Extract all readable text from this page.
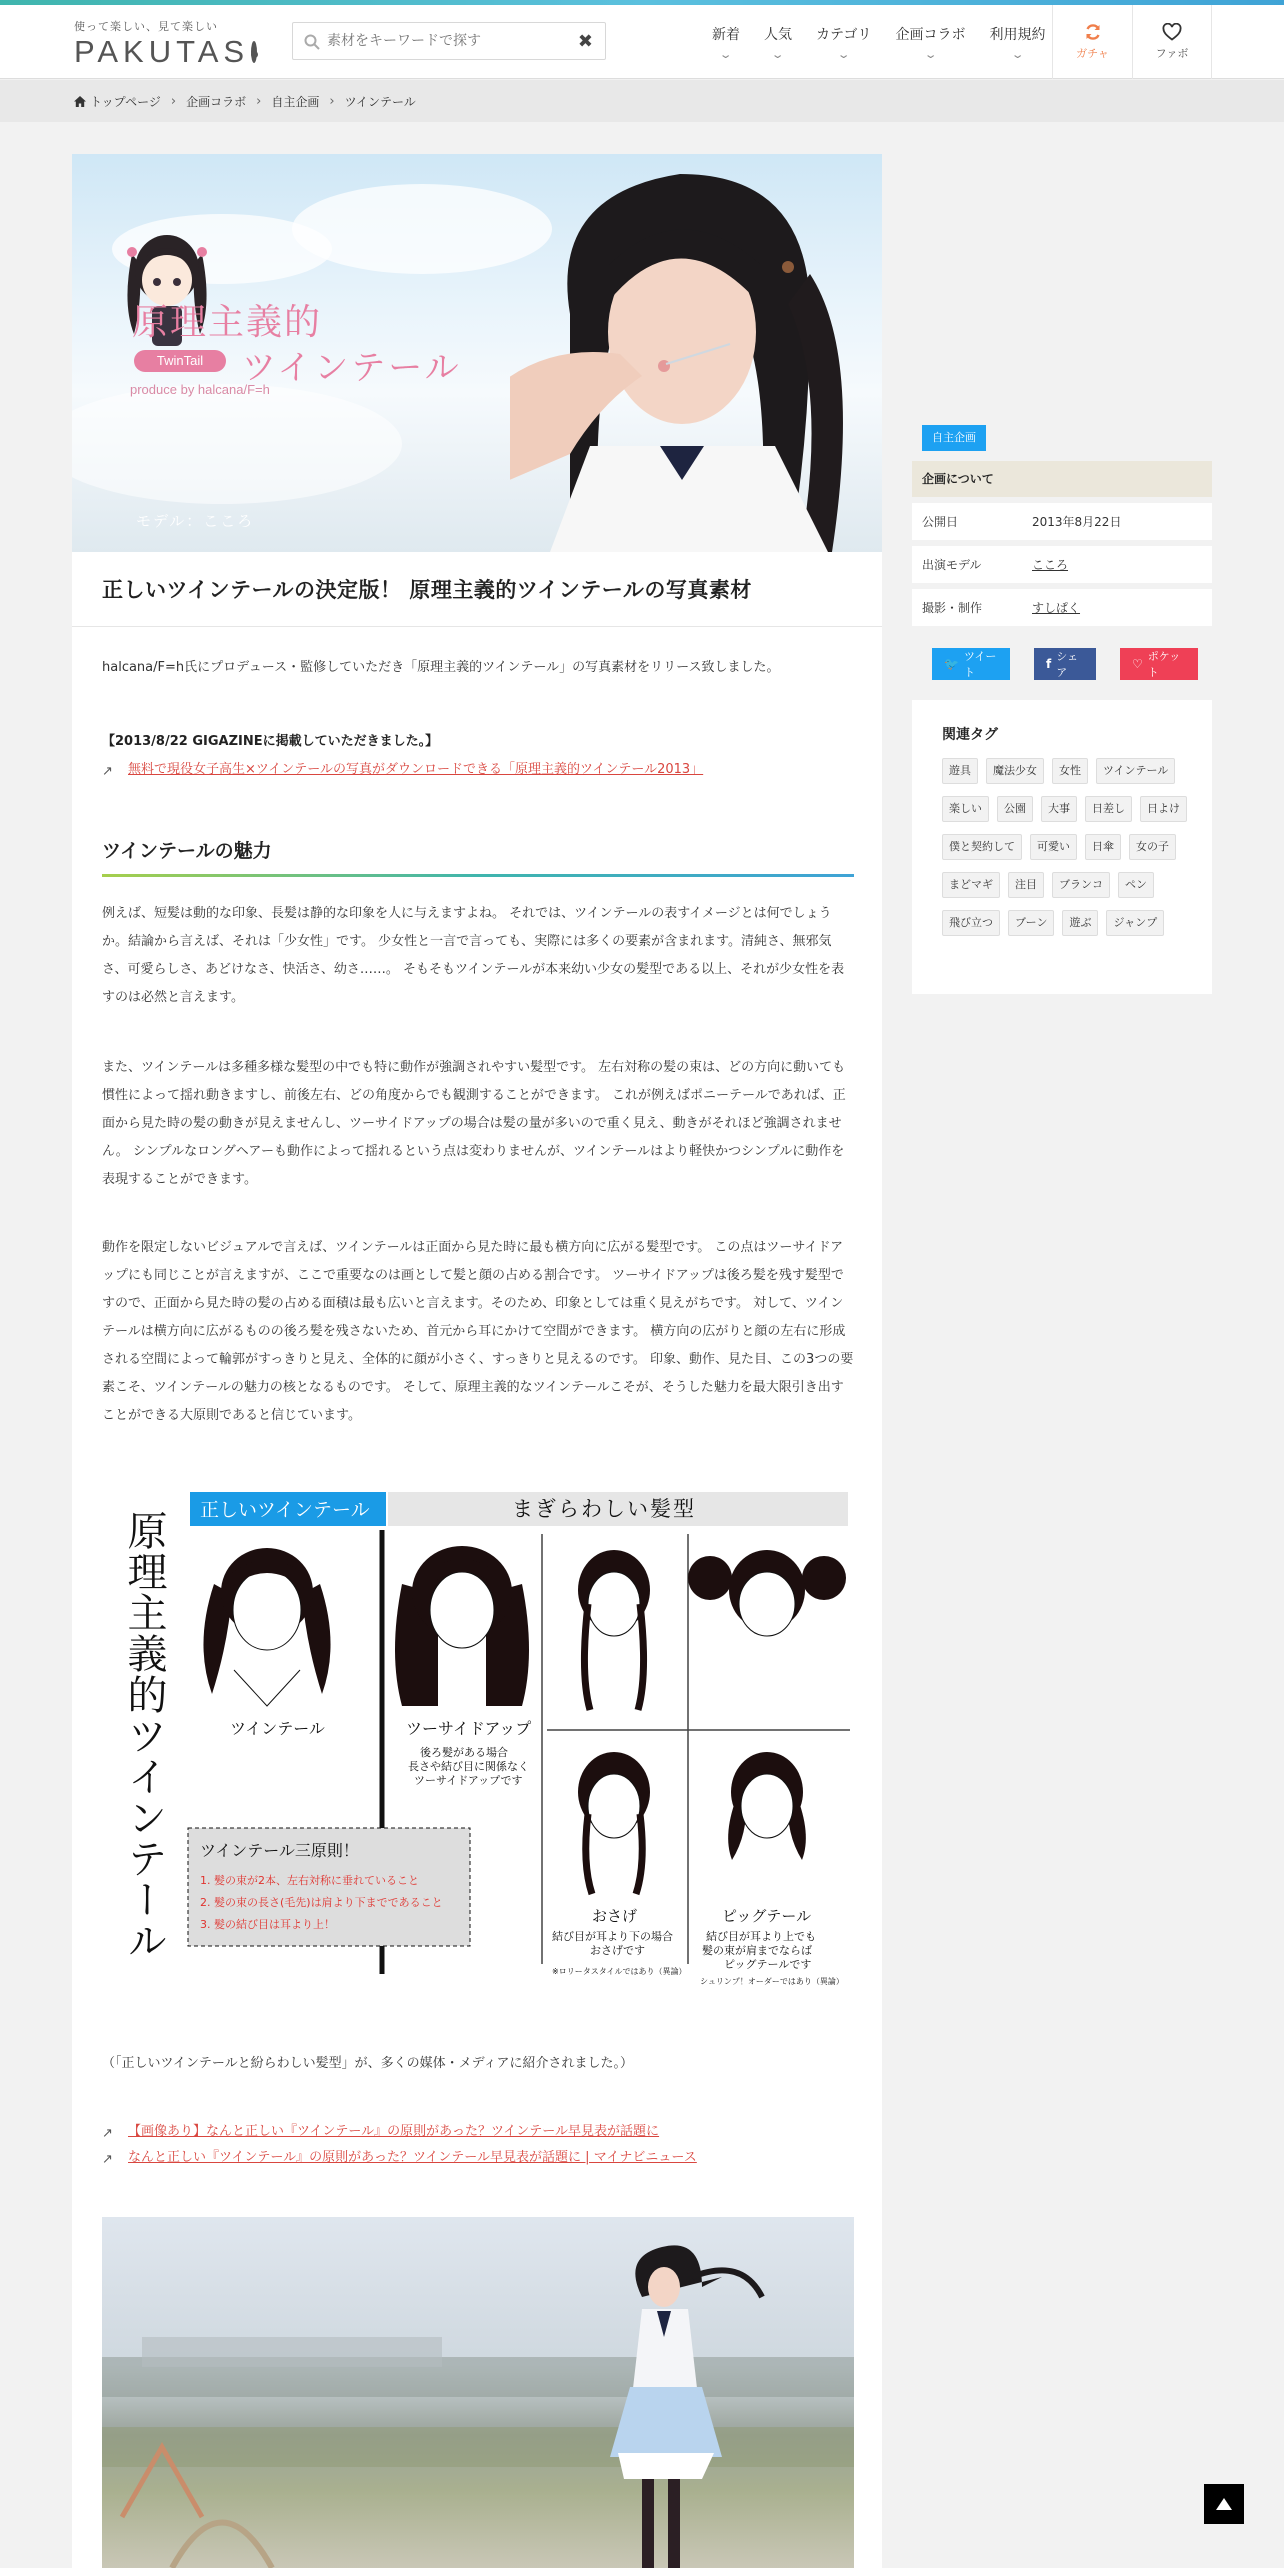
使って楽しい、見て楽しい
PAKUTAS
素材をキーワードで探す	✖	新着
⌄
人気
⌄
カテゴリ
⌄
企画コラボ
⌄
利用規約
⌄	ガチャ	ファボ
トップページ › 企画コラボ › 自主企画 › ツインテール
原理主義的
TwinTail	ツインテール
produce by halcana/F=h
モデル：こころ
正しいツインテールの決定版！ 原理主義的ツインテールの写真素材

halcana/F=h氏にプロデュース・監修していただき「原理主義的ツインテール」の写真素材をリリース致しました。

【2013/8/22 GIGAZINEに掲載していただきました。】

↗ 無料で現役女子高生×ツインテールの写真がダウンロードできる「原理主義的ツインテール2013」

ツインテールの魅力

例えば、短髪は動的な印象、長髪は静的な印象を人に与えますよね。 それでは、ツインテールの表すイメージとは何でしょうか。結論から言えば、それは「少女性」です。 少女性と一言で言っても、実際には多くの要素が含まれます。清純さ、無邪気さ、可愛らしさ、あどけなさ、快活さ、幼さ……。 そもそもツインテールが本来幼い少女の髪型である以上、それが少女性を表すのは必然と言えます。

また、ツインテールは多種多様な髪型の中でも特に動作が強調されやすい髪型です。 左右対称の髪の束は、どの方向に動いても慣性によって揺れ動きますし、前後左右、どの角度からでも観測することができます。 これが例えばポニーテールであれば、正面から見た時の髪の動きが見えませんし、ツーサイドアップの場合は髪の量が多いので重く見え、動きがそれほど強調されません。 シンプルなロングヘアーも動作によって揺れるという点は変わりませんが、ツインテールはより軽快かつシンプルに動作を表現することができます。

動作を限定しないビジュアルで言えば、ツインテールは正面から見た時に最も横方向に広がる髪型です。 この点はツーサイドアップにも同じことが言えますが、ここで重要なのは画として髪と顔の占める割合です。 ツーサイドアップは後ろ髪を残す髪型ですので、正面から見た時の髪の占める面積は最も広いと言えます。そのため、印象としては重く見えがちです。 対して、ツインテールは横方向に広がるものの後ろ髪を残さないため、首元から耳にかけて空間ができます。 横方向の広がりと顔の左右に形成される空間によって輪郭がすっきりと見え、全体的に顔が小さく、すっきりと見えるのです。 印象、動作、見た目、この3つの要素こそ、ツインテールの魅力の核となるものです。 そして、原理主義的なツインテールこそが、そうした魅力を最大限引き出すことができる大原則であると信じています。

原理主義的ツインテール 正しいツインテール	まぎらわしい髪型
ツインテール	ツーサイドアップ
後ろ髪がある場合
長さや結び目に関係なく
ツーサイドアップです
おさげ
結び目が耳より下の場合
おさげです
※ロリータスタイルではあり（異論）
ピッグテール
結び目が耳より上でも
髪の束が肩までならば
ピッグテールです
シュリンプ！オーダーではあり（異論）
ツインテール三原則！
1. 髪の束が2本、左右対称に垂れていること
2. 髪の束の長さ(毛先)は肩より下までであること
3. 髪の結び目は耳より上！

（「正しいツインテールと紛らわしい髪型」が、多くの媒体・メディアに紹介されました。）

↗ 【画像あり】なんと正しい『ツインテール』の原則があった？ツインテール早見表が話題に

↗ なんと正しい『ツインテール』の原則があった？ツインテール早見表が話題に | マイナビニュース

自主企画
企画について
公開日	2013年8月22日
出演モデル	こころ
撮影・制作	すしぱく
🐦
ツイート
f
シェア
♡
ポケット
関連タグ
遊具	魔法少女	女性	ツインテール
楽しい	公園	大事	日差し	日よけ
僕と契約して	可愛い	日傘	女の子
まどマギ	注目	ブランコ	ペン
飛び立つ	ブーン	遊ぶ	ジャンプ
